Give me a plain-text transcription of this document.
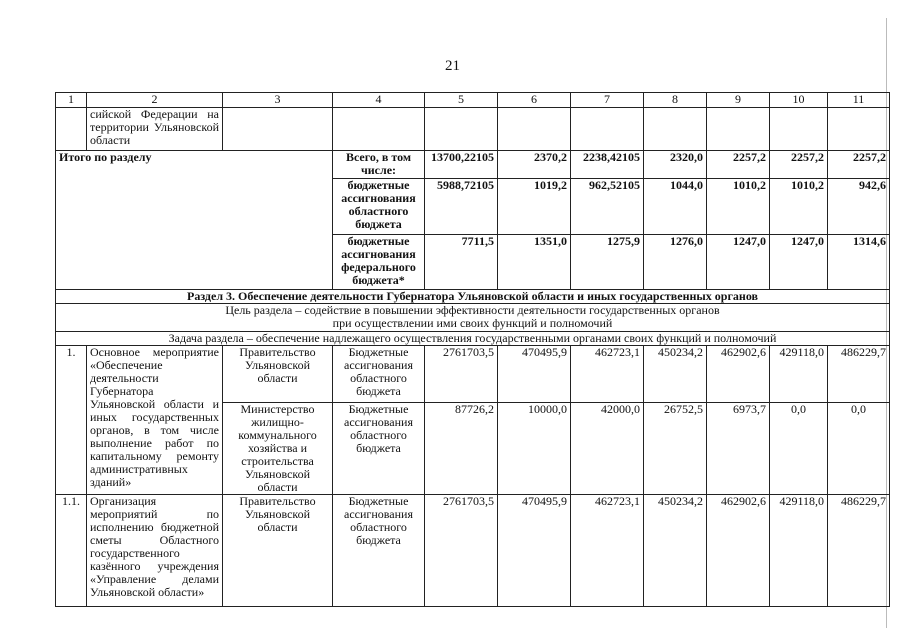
21
1	2	3	4	5	6	7	8	9	10	11
	сийской Федерации на территории Ульяновской области									
Итого по разделу			Всего, в том числе:	13700,22105	2370,2	2238,42105	2320,0	2257,2	2257,2	2257,2
			бюджетные ассигнования областного бюджета	5988,72105	1019,2	962,52105	1044,0	1010,2	1010,2	942,6
			бюджетные ассигнования федерального бюджета*	7711,5	1351,0	1275,9	1276,0	1247,0	1247,0	1314,6
Раздел 3. Обеспечение деятельности Губернатора Ульяновской области и иных государственных органов										

Цель раздела – содействие в повышении эффективности деятельности государственных органов
при осуществлении ими своих функций и полномочий										

Задача раздела – обеспечение надлежащего осуществления государственными органами своих функций и полномочий										
1.	Основное мероприятие «Обеспечение деятельности Губернатора Ульяновской области и иных государственных органов, в том числе выполнение работ по капитальному ремонту административных зданий»	Правительство Ульяновской области	Бюджетные ассигнования областного бюджета	2761703,5	470495,9	462723,1	450234,2	462902,6	429118,0	486229,7
		Министерство жилищно-коммунального хозяйства и строительства Ульяновской области	Бюджетные ассигнования областного бюджета	87726,2	10000,0	42000,0	26752,5	6973,7	0,0	0,0
1.1.	Организация мероприятий по исполнению бюджетной сметы Областного государственного казённого учреждения «Управление делами Ульяновской области»	Правительство Ульяновской области	Бюджетные ассигнования областного бюджета	2761703,5	470495,9	462723,1	450234,2	462902,6	429118,0	486229,7
